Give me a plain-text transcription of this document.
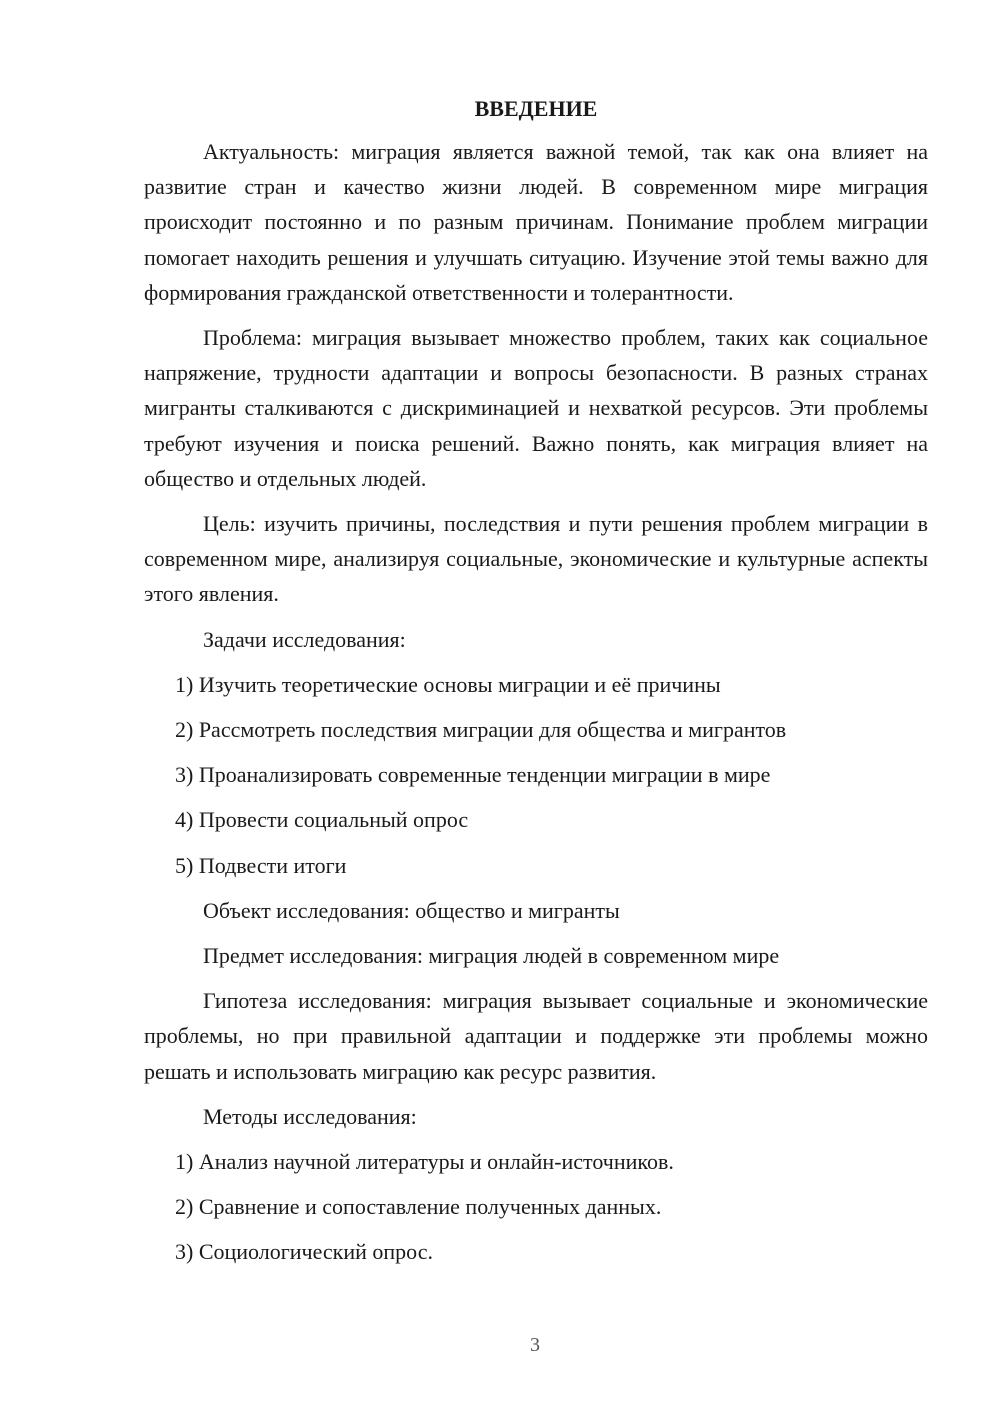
ВВЕДЕНИЕ

Актуальность: миграция является важной темой, так как она влияет на развитие стран и качество жизни людей. В современном мире миграция происходит постоянно и по разным причинам. Понимание проблем миграции помогает находить решения и улучшать ситуацию. Изучение этой темы важно для формирования гражданской ответственности и толерантности.

Проблема: миграция вызывает множество проблем, таких как социальное напряжение, трудности адаптации и вопросы безопасности. В разных странах мигранты сталкиваются с дискриминацией и нехваткой ресурсов. Эти проблемы требуют изучения и поиска решений. Важно понять, как миграция влияет на общество и отдельных людей.

Цель: изучить причины, последствия и пути решения проблем миграции в современном мире, анализируя социальные, экономические и культурные аспекты этого явления.

Задачи исследования:
1) Изучить теоретические основы миграции и её причины
2) Рассмотреть последствия миграции для общества и мигрантов
3) Проанализировать современные тенденции миграции в мире
4) Провести социальный опрос
5) Подвести итоги
Объект исследования: общество и мигранты
Предмет исследования: миграция людей в современном мире

Гипотеза исследования: миграция вызывает социальные и экономические проблемы, но при правильной адаптации и поддержке эти проблемы можно решать и использовать миграцию как ресурс развития.

Методы исследования:
1) Анализ научной литературы и онлайн-источников.
2) Сравнение и сопоставление полученных данных.
3) Социологический опрос.
3
